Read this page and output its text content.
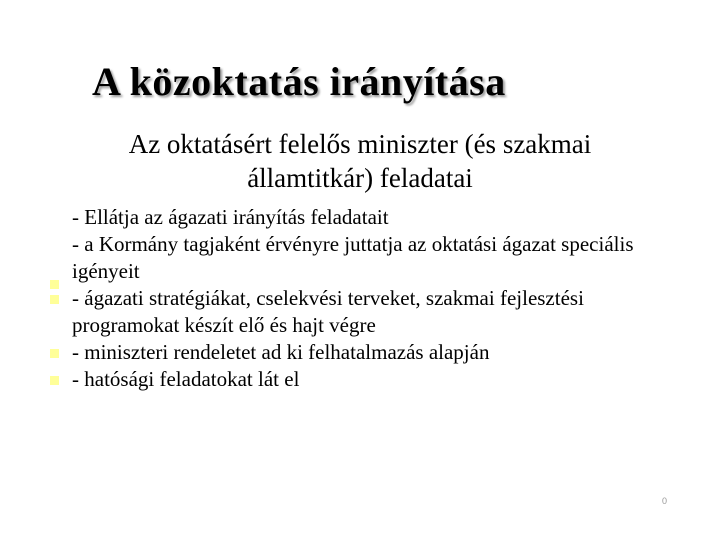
A közoktatás irányítása
Az oktatásért felelős miniszter (és szakmai
államtitkár) feladatai
- Ellátja az ágazati irányítás feladatait
- a Kormány tagjaként érvényre juttatja az oktatási ágazat speciális igényeit
- ágazati stratégiákat, cselekvési terveket, szakmai fejlesztési programokat készít elő és hajt végre
- miniszteri rendeletet ad ki felhatalmazás alapján
- hatósági feladatokat lát el
0
